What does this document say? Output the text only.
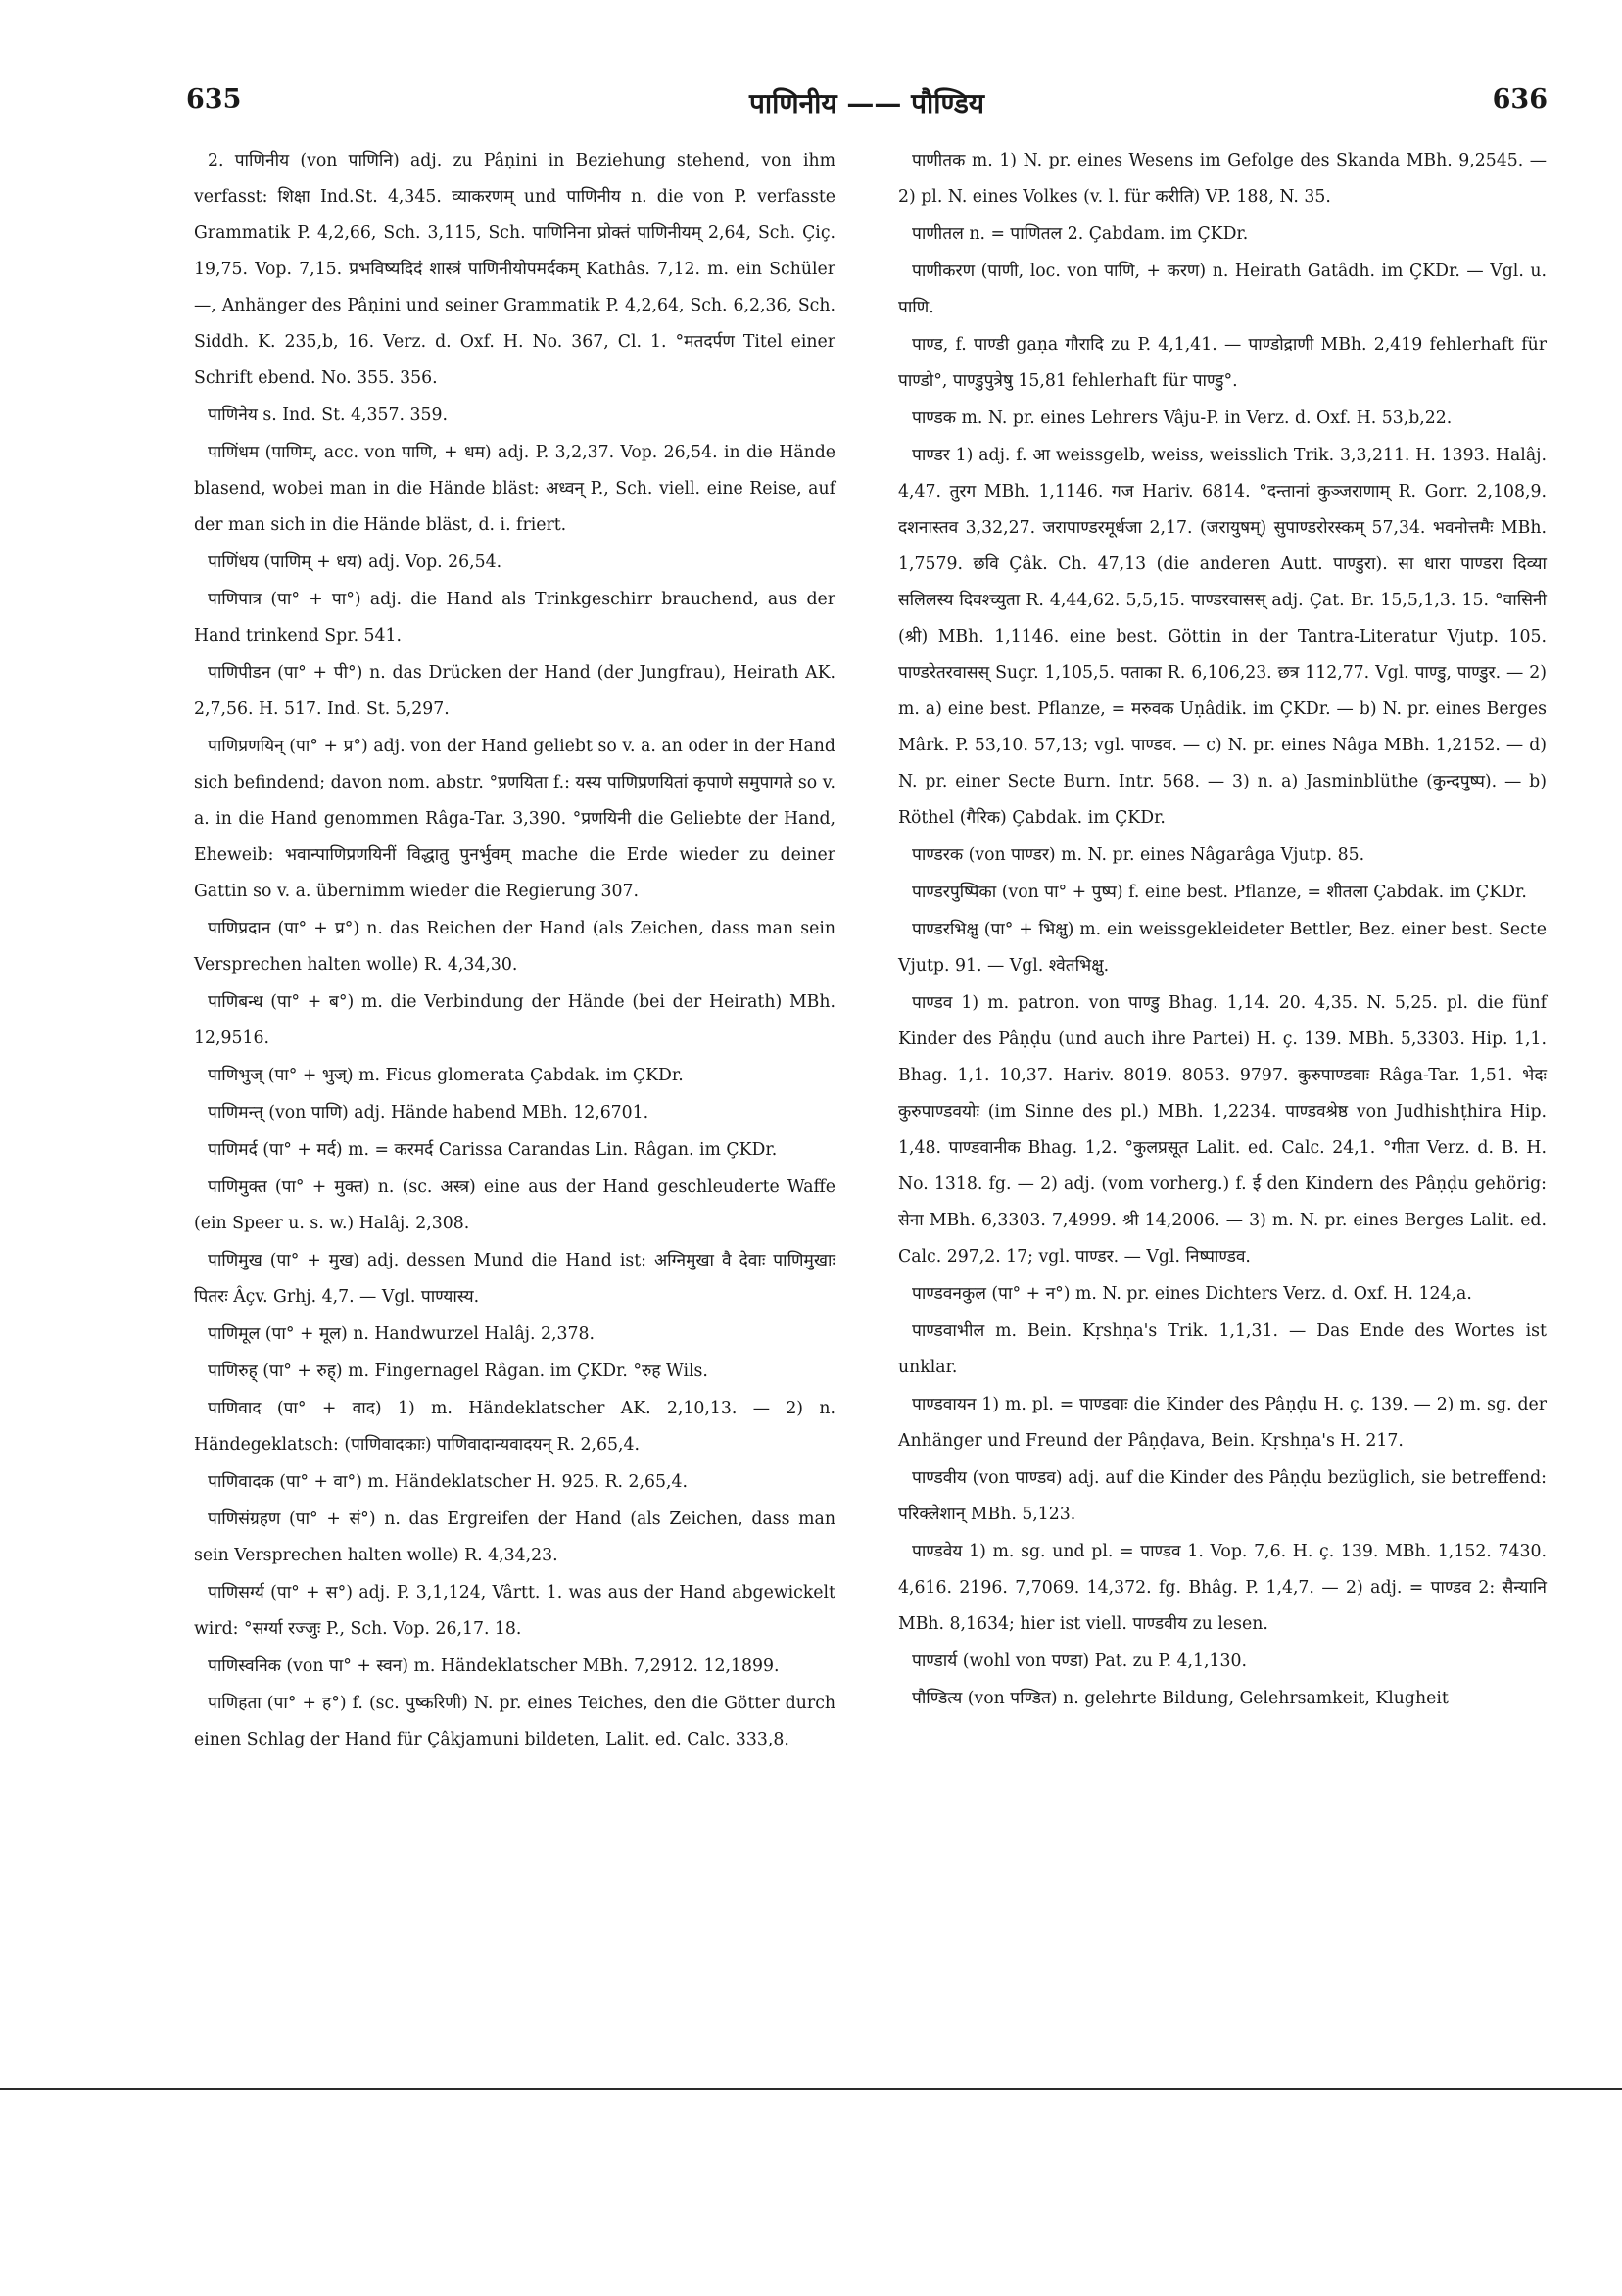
635	पाणिनीय —— पौण्डिय	636

2. पाणिनीय (von पाणिनि) adj. zu Pâṇini in Beziehung stehend, von ihm verfasst: शिक्षा Ind.St. 4,345. व्याकरणम् und पाणिनीय n. die von P. verfasste Grammatik P. 4,2,66, Sch. 3,115, Sch. पाणिनिना प्रोक्तं पाणिनीयम् 2,64, Sch. Çiç. 19,75. Vop. 7,15. प्रभविष्यदिदं शास्त्रं पाणिनीयोपमर्दकम् Kathâs. 7,12. m. ein Schüler —, Anhänger des Pâṇini und seiner Grammatik P. 4,2,64, Sch. 6,2,36, Sch. Siddh. K. 235,b, 16. Verz. d. Oxf. H. No. 367, Cl. 1. °मतदर्पण Titel einer Schrift ebend. No. 355. 356.

पाणिनेय s. Ind. St. 4,357. 359.

पाणिंधम (पाणिम्, acc. von पाणि, + धम) adj. P. 3,2,37. Vop. 26,54. in die Hände blasend, wobei man in die Hände bläst: अध्वन् P., Sch. viell. eine Reise, auf der man sich in die Hände bläst, d. i. friert.

पाणिंधय (पाणिम् + धय) adj. Vop. 26,54.

पाणिपात्र (पा° + पा°) adj. die Hand als Trinkgeschirr brauchend, aus der Hand trinkend Spr. 541.

पाणिपीडन (पा° + पी°) n. das Drücken der Hand (der Jungfrau), Heirath AK. 2,7,56. H. 517. Ind. St. 5,297.

पाणिप्रणयिन् (पा° + प्र°) adj. von der Hand geliebt so v. a. an oder in der Hand sich befindend; davon nom. abstr. °प्रणयिता f.: यस्य पाणिप्रणयितां कृपाणे समुपागते so v. a. in die Hand genommen Râga-Tar. 3,390. °प्रणयिनी die Geliebte der Hand, Eheweib: भवान्पाणिप्रणयिनीं विद्धातु पुनर्भुवम् mache die Erde wieder zu deiner Gattin so v. a. übernimm wieder die Regierung 307.

पाणिप्रदान (पा° + प्र°) n. das Reichen der Hand (als Zeichen, dass man sein Versprechen halten wolle) R. 4,34,30.

पाणिबन्ध (पा° + ब°) m. die Verbindung der Hände (bei der Heirath) MBh. 12,9516.

पाणिभुज् (पा° + भुज्) m. Ficus glomerata Çabdak. im ÇKDr.

पाणिमन्त् (von पाणि) adj. Hände habend MBh. 12,6701.

पाणिमर्द (पा° + मर्द) m. = करमर्द Carissa Carandas Lin. Râgan. im ÇKDr.

पाणिमुक्त (पा° + मुक्त) n. (sc. अस्त्र) eine aus der Hand geschleuderte Waffe (ein Speer u. s. w.) Halâj. 2,308.

पाणिमुख (पा° + मुख) adj. dessen Mund die Hand ist: अग्निमुखा वै देवाः पाणिमुखाः पितरः Âçv. Grhj. 4,7. — Vgl. पाण्यास्य.

पाणिमूल (पा° + मूल) n. Handwurzel Halâj. 2,378.

पाणिरुह् (पा° + रुह्) m. Fingernagel Râgan. im ÇKDr. °रुह Wils.

पाणिवाद (पा° + वाद) 1) m. Händeklatscher AK. 2,10,13. — 2) n. Händegeklatsch: (पाणिवादकाः) पाणिवादान्यवादयन् R. 2,65,4.

पाणिवादक (पा° + वा°) m. Händeklatscher H. 925. R. 2,65,4.

पाणिसंग्रहण (पा° + सं°) n. das Ergreifen der Hand (als Zeichen, dass man sein Versprechen halten wolle) R. 4,34,23.

पाणिसर्ग्य (पा° + स°) adj. P. 3,1,124, Vârtt. 1. was aus der Hand abgewickelt wird: °सर्ग्या रज्जुः P., Sch. Vop. 26,17. 18.

पाणिस्वनिक (von पा° + स्वन) m. Händeklatscher MBh. 7,2912. 12,1899.

पाणिहता (पा° + ह°) f. (sc. पुष्करिणी) N. pr. eines Teiches, den die Götter durch einen Schlag der Hand für Çâkjamuni bildeten, Lalit. ed. Calc. 333,8.

पाणीतक m. 1) N. pr. eines Wesens im Gefolge des Skanda MBh. 9,2545. — 2) pl. N. eines Volkes (v. l. für करीति) VP. 188, N. 35.

पाणीतल n. = पाणितल 2. Çabdam. im ÇKDr.

पाणीकरण (पाणी, loc. von पाणि, + करण) n. Heirath Gatâdh. im ÇKDr. — Vgl. u. पाणि.

पाण्ड, f. पाण्डी gaṇa गौरादि zu P. 4,1,41. — पाण्डोद्राणी MBh. 2,419 fehlerhaft für पाण्डो°, पाण्डुपुत्रेषु 15,81 fehlerhaft für पाण्डु°.

पाण्डक m. N. pr. eines Lehrers Vâju-P. in Verz. d. Oxf. H. 53,b,22.

पाण्डर 1) adj. f. आ weissgelb, weiss, weisslich Trik. 3,3,211. H. 1393. Halâj. 4,47. तुरग MBh. 1,1146. गज Hariv. 6814. °दन्तानां कुञ्जराणाम् R. Gorr. 2,108,9. दशनास्तव 3,32,27. जरापाण्डरमूर्धजा 2,17. (जरायुषम्) सुपाण्डरोरस्कम् 57,34. भवनोत्तमैः MBh. 1,7579. छवि Çâk. Ch. 47,13 (die anderen Autt. पाण्डुरा). सा धारा पाण्डरा दिव्या सलिलस्य दिवश्च्युता R. 4,44,62. 5,5,15. पाण्डरवासस् adj. Çat. Br. 15,5,1,3. 15. °वासिनी (श्री) MBh. 1,1146. eine best. Göttin in der Tantra-Literatur Vjutp. 105. पाण्डरेतरवासस् Suçr. 1,105,5. पताका R. 6,106,23. छत्र 112,77. Vgl. पाण्डु, पाण्डुर. — 2) m. a) eine best. Pflanze, = मरुवक Uṇâdik. im ÇKDr. — b) N. pr. eines Berges Mârk. P. 53,10. 57,13; vgl. पाण्डव. — c) N. pr. eines Nâga MBh. 1,2152. — d) N. pr. einer Secte Burn. Intr. 568. — 3) n. a) Jasminblüthe (कुन्दपुष्प). — b) Röthel (गैरिक) Çabdak. im ÇKDr.

पाण्डरक (von पाण्डर) m. N. pr. eines Nâgarâga Vjutp. 85.

पाण्डरपुष्पिका (von पा° + पुष्प) f. eine best. Pflanze, = शीतला Çabdak. im ÇKDr.

पाण्डरभिक्षु (पा° + भिक्षु) m. ein weissgekleideter Bettler, Bez. einer best. Secte Vjutp. 91. — Vgl. श्वेतभिक्षु.

पाण्डव 1) m. patron. von पाण्डु Bhag. 1,14. 20. 4,35. N. 5,25. pl. die fünf Kinder des Pâṇḍu (und auch ihre Partei) H. ç. 139. MBh. 5,3303. Hip. 1,1. Bhag. 1,1. 10,37. Hariv. 8019. 8053. 9797. कुरुपाण्डवाः Râga-Tar. 1,51. भेदः कुरुपाण्डवयोः (im Sinne des pl.) MBh. 1,2234. पाण्डवश्रेष्ठ von Judhishṭhira Hip. 1,48. पाण्डवानीक Bhag. 1,2. °कुलप्रसूत Lalit. ed. Calc. 24,1. °गीता Verz. d. B. H. No. 1318. fg. — 2) adj. (vom vorherg.) f. ई den Kindern des Pâṇḍu gehörig: सेना MBh. 6,3303. 7,4999. श्री 14,2006. — 3) m. N. pr. eines Berges Lalit. ed. Calc. 297,2. 17; vgl. पाण्डर. — Vgl. निष्पाण्डव.

पाण्डवनकुल (पा° + न°) m. N. pr. eines Dichters Verz. d. Oxf. H. 124,a.

पाण्डवाभील m. Bein. Kṛshṇa's Trik. 1,1,31. — Das Ende des Wortes ist unklar.

पाण्डवायन 1) m. pl. = पाण्डवाः die Kinder des Pâṇḍu H. ç. 139. — 2) m. sg. der Anhänger und Freund der Pâṇḍava, Bein. Kṛshṇa's H. 217.

पाण्डवीय (von पाण्डव) adj. auf die Kinder des Pâṇḍu bezüglich, sie betreffend: परिक्लेशान् MBh. 5,123.

पाण्डवेय 1) m. sg. und pl. = पाण्डव 1. Vop. 7,6. H. ç. 139. MBh. 1,152. 7430. 4,616. 2196. 7,7069. 14,372. fg. Bhâg. P. 1,4,7. — 2) adj. = पाण्डव 2: सैन्यानि MBh. 8,1634; hier ist viell. पाण्डवीय zu lesen.

पाण्डार्य (wohl von पण्डा) Pat. zu P. 4,1,130.

पौण्डित्य (von पण्डित) n. gelehrte Bildung, Gelehrsamkeit, Klugheit
